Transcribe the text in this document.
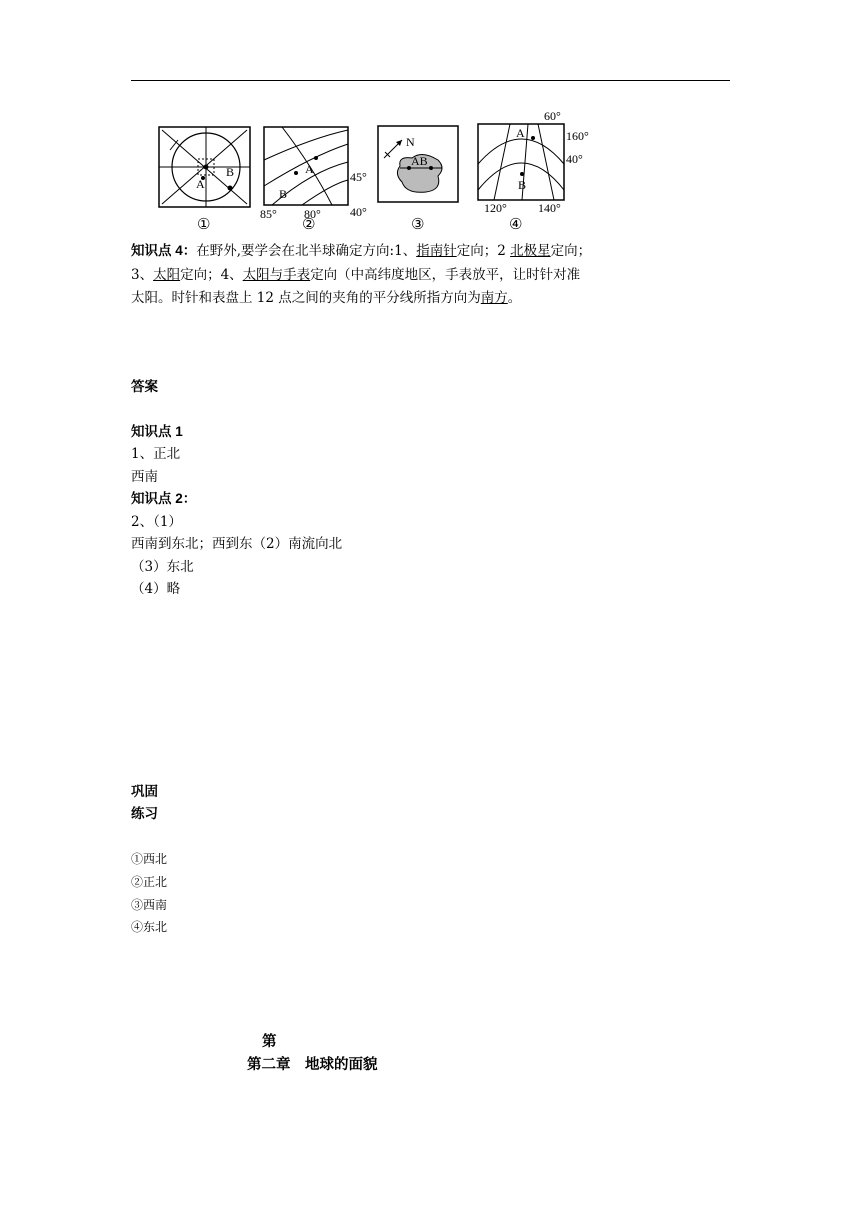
A
B	A
B
45°
40°
85° 80°
N
AB
A
B
60°
160°
40°
120°	140°
①	②	③	④
知识点 4：在野外,要学会在北半球确定方向:1、指南针定向；2 北极星定向；
3、太阳定向；4、太阳与手表定向（中高纬度地区，手表放平，让时针对准
太阳。时针和表盘上 12 点之间的夹角的平分线所指方向为南方。
答案
知识点 1
1、正北
西南
知识点 2：
2、（1）
西南到东北；西到东（2）南流向北
（3）东北
（4）略
巩固
练习
①西北
②正北
③西南
④东北
第
第二章　地球的面貌
